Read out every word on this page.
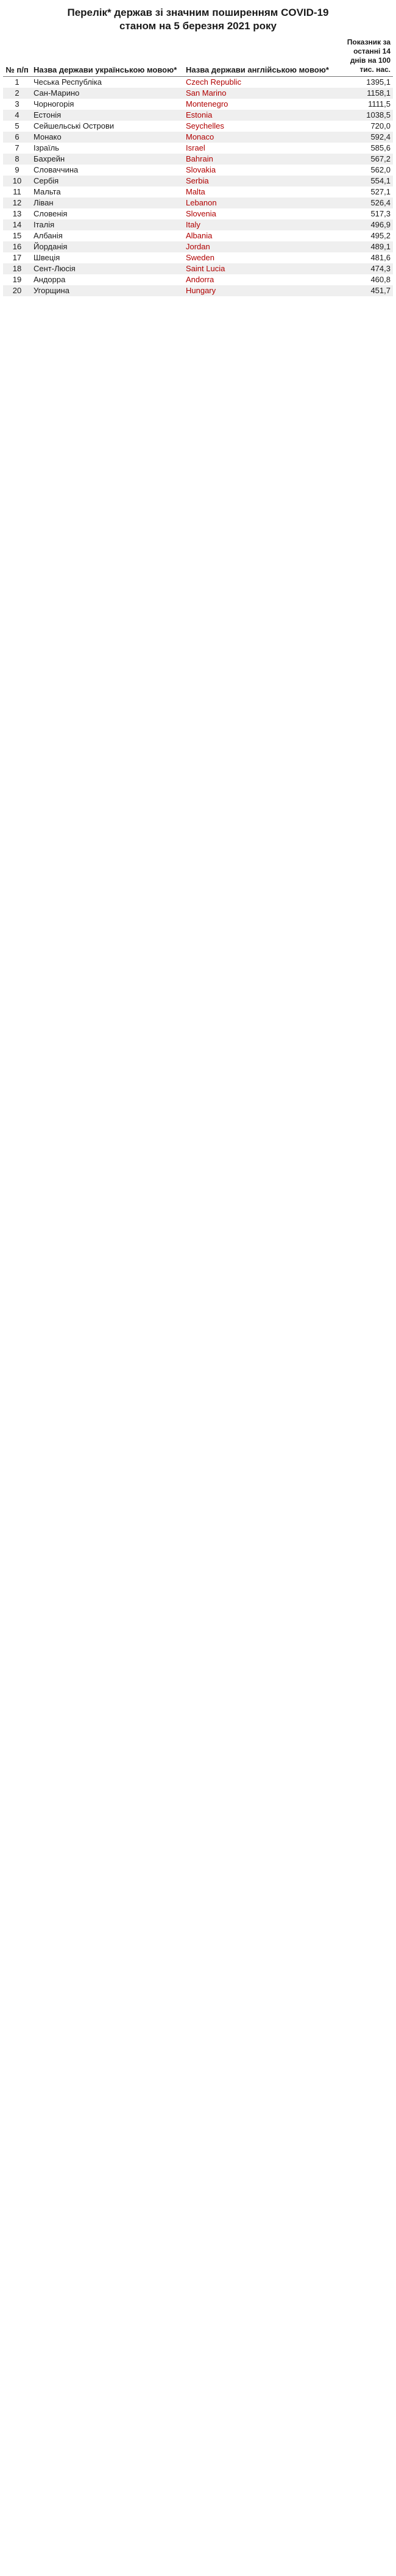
Перелік* держав зі значним поширенням COVID-19
станом на 5 березня 2021 року
№ п/п	Назва держави українською мовою*	Назва держави англійською мовою*	Показник за останні 14 днів на 100 тис. нас.
1	Чеська Республіка	Czech Republic	1395,1
2	Сан-Марино	San Marino	1158,1
3	Чорногорія	Montenegro	1111,5
4	Естонія	Estonia	1038,5
5	Сейшельські Острови	Seychelles	720,0
6	Монако	Monaco	592,4
7	Ізраїль	Israel	585,6
8	Бахрейн	Bahrain	567,2
9	Словаччина	Slovakia	562,0
10	Сербія	Serbia	554,1
11	Мальта	Malta	527,1
12	Ліван	Lebanon	526,4
13	Словенія	Slovenia	517,3
14	Італія	Italy	496,9
15	Албанія	Albania	495,2
16	Йорданія	Jordan	489,1
17	Швеція	Sweden	481,6
18	Сент-Люсія	Saint Lucia	474,3
19	Андорра	Andorra	460,8
20	Угорщина	Hungary	451,7
